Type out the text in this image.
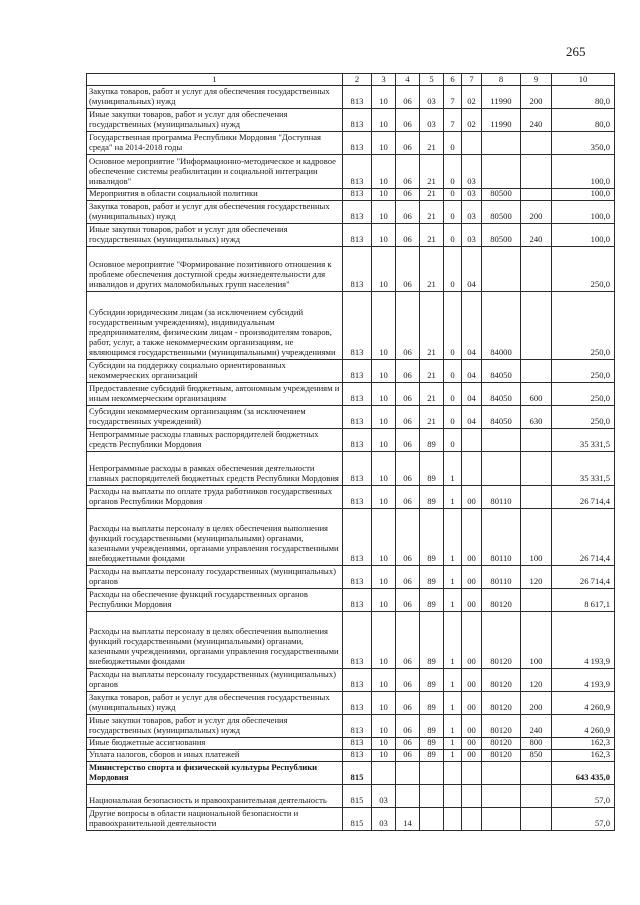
265
1	2	3	4	5	6	7	8	9	10
Закупка товаров, работ и услуг для обеспечения государственных (муниципальных) нужд	813	10	06	03	7	02	11990	200	80,0
Иные закупки товаров, работ и услуг для обеспечения государственных (муниципальных) нужд	813	10	06	03	7	02	11990	240	80,0
Государственная программа Республики Мордовия "Доступная среда" на 2014-2018 годы	813	10	06	21	0				350,0
Основное мероприятие "Информационно-методическое и кадровое обеспечение системы реабилитации и социальной интеграции инвалидов"	813	10	06	21	0	03			100,0
Мероприятия в области социальной политики	813	10	06	21	0	03	80500		100,0
Закупка товаров, работ и услуг для обеспечения государственных (муниципальных) нужд	813	10	06	21	0	03	80500	200	100,0
Иные закупки товаров, работ и услуг для обеспечения государственных (муниципальных) нужд	813	10	06	21	0	03	80500	240	100,0
Основное мероприятие "Формирование позитивного отношения к проблеме обеспечения доступной среды жизнедеятельности для инвалидов и других маломобильных групп населения"	813	10	06	21	0	04			250,0
Субсидии юридическим лицам (за исключением субсидий государственным учреждениям), индивидуальным предпринимателям, физическим лицам - производителям товаров, работ, услуг, а также некоммерческим организациям, не являющимся государственными (муниципальными) учреждениями	813	10	06	21	0	04	84000		250,0
Субсидии на поддержку социально ориентированных некоммерческих организаций	813	10	06	21	0	04	84050		250,0
Предоставление субсидий бюджетным, автономным учреждениям и иным некоммерческим организациям	813	10	06	21	0	04	84050	600	250,0
Субсидии некоммерческим организациям (за исключением государственных учреждений)	813	10	06	21	0	04	84050	630	250,0
Непрограммные расходы главных распорядителей бюджетных средств Республики Мордовия	813	10	06	89	0				35 331,5
Непрограммные расходы в рамках обеспечения деятельности главных распорядителей бюджетных средств Республики Мордовия	813	10	06	89	1				35 331,5
Расходы на выплаты по оплате труда работников государственных органов Республики Мордовия	813	10	06	89	1	00	80110		26 714,4
Расходы на выплаты персоналу в целях обеспечения выполнения функций государственными (муниципальными) органами, казенными учреждениями, органами управления государственными внебюджетными фондами	813	10	06	89	1	00	80110	100	26 714,4
Расходы на выплаты персоналу государственных (муниципальных) органов	813	10	06	89	1	00	80110	120	26 714,4
Расходы на обеспечение функций государственных органов Республики Мордовия	813	10	06	89	1	00	80120		8 617,1
Расходы на выплаты персоналу в целях обеспечения выполнения функций государственными (муниципальными) органами, казенными учреждениями, органами управления государственными внебюджетными фондами	813	10	06	89	1	00	80120	100	4 193,9
Расходы на выплаты персоналу государственных (муниципальных) органов	813	10	06	89	1	00	80120	120	4 193,9
Закупка товаров, работ и услуг для обеспечения государственных (муниципальных) нужд	813	10	06	89	1	00	80120	200	4 260,9
Иные закупки товаров, работ и услуг для обеспечения государственных (муниципальных) нужд	813	10	06	89	1	00	80120	240	4 260,9
Иные бюджетные ассигнования	813	10	06	89	1	00	80120	800	162,3
Уплата налогов, сборов и иных платежей	813	10	06	89	1	00	80120	850	162,3
Министерство спорта и физической культуры Республики Мордовия	815								643 435,0
Национальная безопасность и правоохранительная деятельность	815	03							57,0
Другие вопросы в области национальной безопасности и правоохранительной деятельности	815	03	14						57,0
